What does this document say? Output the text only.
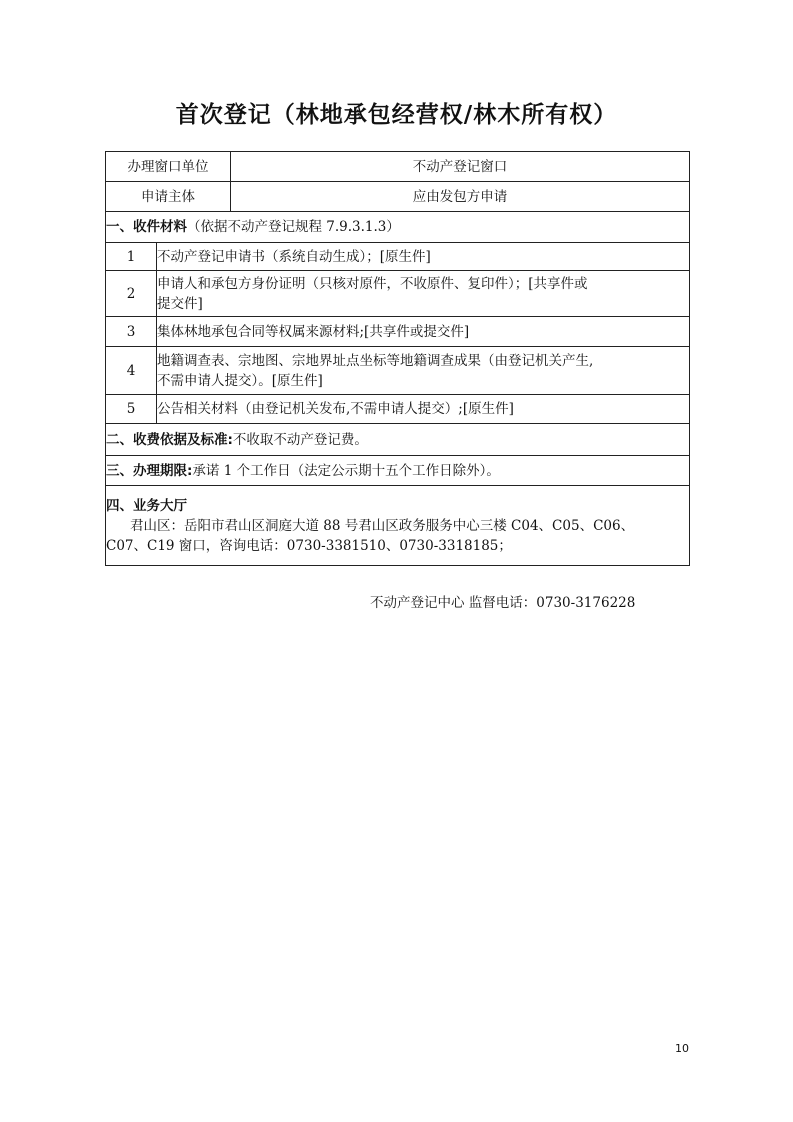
首次登记（林地承包经营权/林木所有权）
办理窗口单位		不动产登记窗口
申请主体		应由发包方申请
一、收件材料（依据不动产登记规程 7.9.3.1.3）		
1	不动产登记申请书（系统自动生成）；[原生件]	
2	申请人和承包方身份证明（只核对原件，不收原件、复印件）；[共享件或
提交件]	

3	集体林地承包合同等权属来源材料;[共享件或提交件]	
4	地籍调查表、宗地图、宗地界址点坐标等地籍调查成果（由登记机关产生,
不需申请人提交）。[原生件]	

5	公告相关材料（由登记机关发布,不需申请人提交）;[原生件]	
二、收费依据及标准:不收取不动产登记费。		
三、办理期限:承诺 1 个工作日（法定公示期十五个工作日除外）。		

四、业务大厅
君山区：岳阳市君山区洞庭大道 88 号君山区政务服务中心三楼 C04、C05、C06、
C07、C19 窗口，咨询电话：0730-3381510、0730-3318185；		
不动产登记中心 监督电话：0730-3176228
10
